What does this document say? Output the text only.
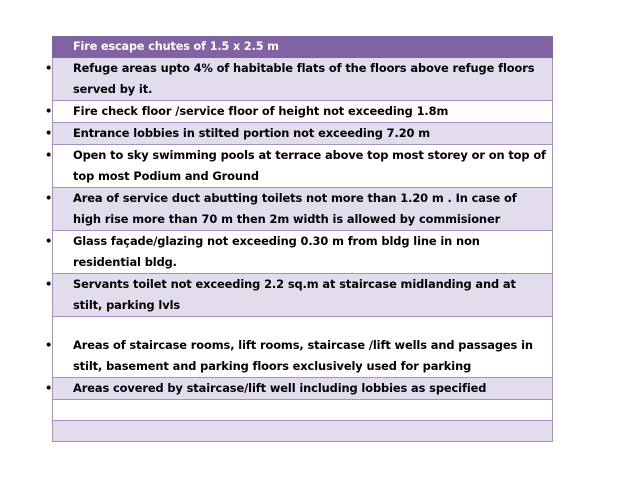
• Fire escape chutes of 1.5 x 2.5 m

• Refuge areas upto 4% of habitable flats of the floors above refuge floors served by it.

• Fire check floor /service floor of height not exceeding 1.8m

• Entrance lobbies in stilted portion not exceeding 7.20 m

• Open to sky swimming pools at terrace above top most storey or on top of top most Podium and Ground

• Area of service duct abutting toilets not more than 1.20 m . In case of high rise more than 70 m then 2m width is allowed by commisioner

• Glass façade/glazing not exceeding 0.30 m from bldg line in non residential bldg.

• Servants toilet not exceeding 2.2 sq.m at staircase midlanding and at stilt, parking lvls

• Areas of staircase rooms, lift rooms, staircase /lift wells and passages in stilt, basement and parking floors exclusively used for parking

• Areas covered by staircase/lift well including lobbies as specified
